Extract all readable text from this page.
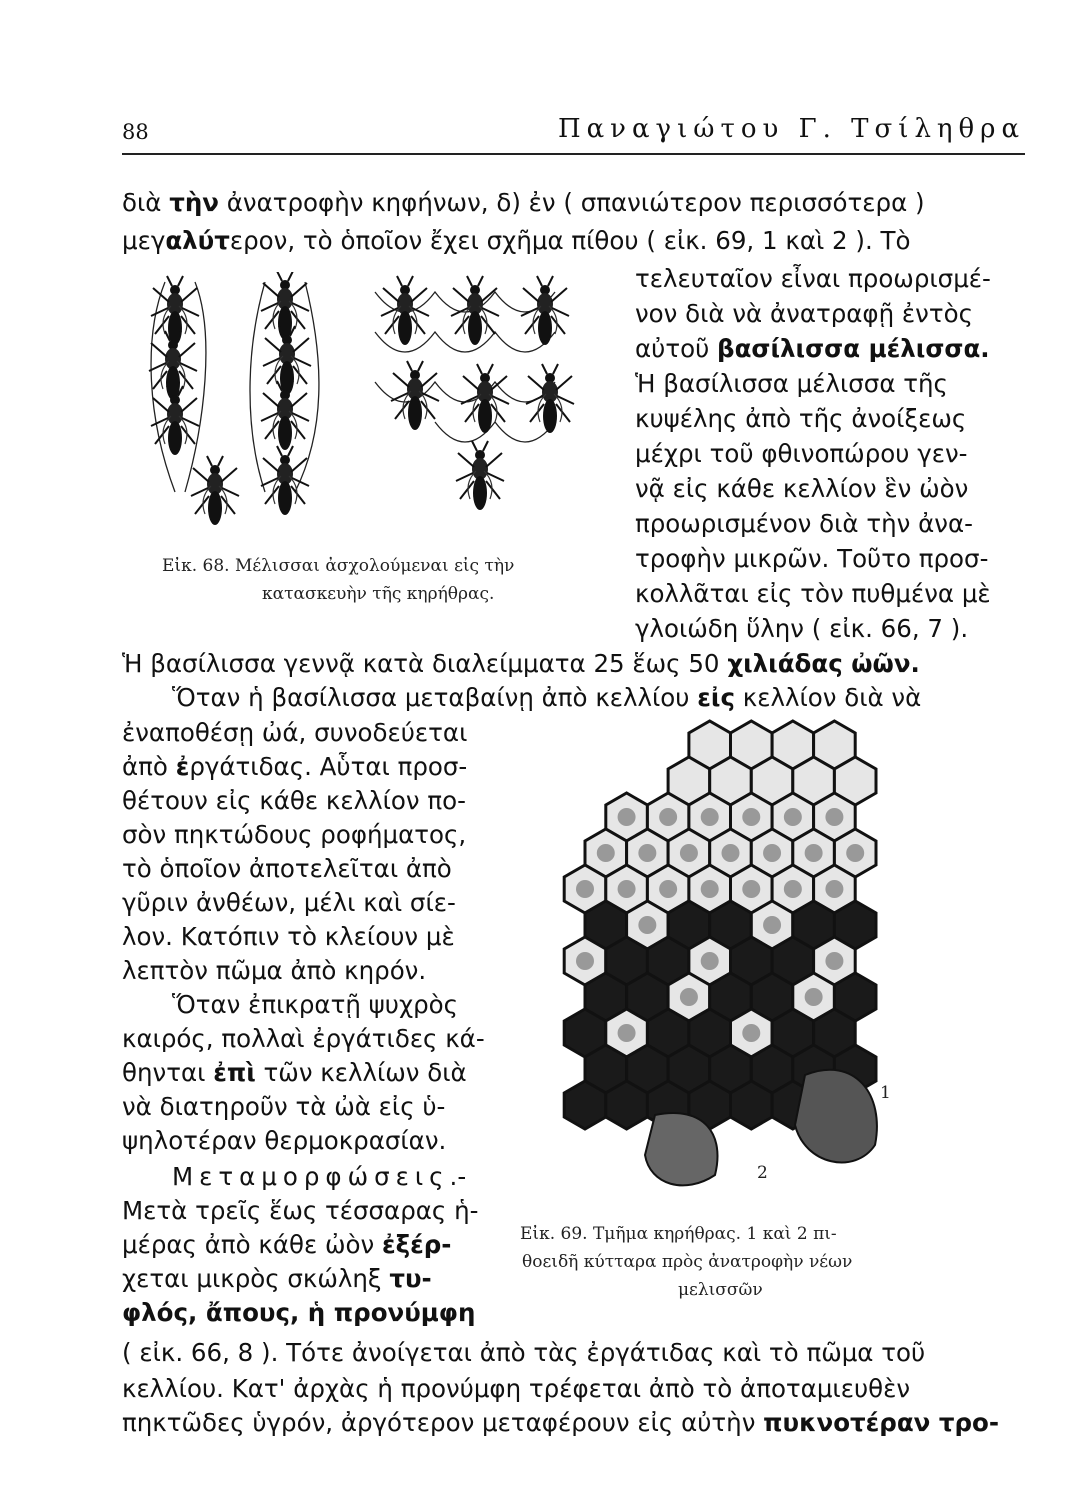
88	Παναγιώτου Γ. Τσίληθρα
διὰ τὴν ἀνατροφὴν κηφήνων, δ) ἐν ( σπανιώτερον περισσότερα )
μεγαλύτερον, τὸ ὁποῖον ἔχει σχῆμα πίθου ( εἰκ. 69, 1 καὶ 2 ). Τὸ
Εἰκ. 68. Μέλισσαι ἀσχολούμεναι εἰς τὴν
κατασκευὴν τῆς κηρήθρας.
τελευταῖον εἶναι προωρισμέ-
νον διὰ νὰ ἀνατραφῇ ἐντὸς
αὐτοῦ βασίλισσα μέλισσα.
Ἡ βασίλισσα μέλισσα τῆς
κυψέλης ἀπὸ τῆς ἀνοίξεως
μέχρι τοῦ φθινοπώρου γεν-
νᾷ εἰς κάθε κελλίον ἓν ὠὸν
προωρισμένον διὰ τὴν ἀνα-
τροφὴν μικρῶν. Τοῦτο προσ-
κολλᾶται εἰς τὸν πυθμένα μὲ
γλοιώδη ὕλην ( εἰκ. 66, 7 ).
Ἡ βασίλισσα γεννᾷ κατὰ διαλείμματα 25 ἕως 50 χιλιάδας ὠῶν.
Ὅταν ἡ βασίλισσα μεταβαίνῃ ἀπὸ κελλίου εἰς κελλίον διὰ νὰ
ἐναποθέσῃ ὠά, συνοδεύεται
ἀπὸ ἐργάτιδας. Αὗται προσ-
θέτουν εἰς κάθε κελλίον πο-
σὸν πηκτώδους ροφήματος,
τὸ ὁποῖον ἀποτελεῖται ἀπὸ
γῦριν ἀνθέων, μέλι καὶ σίε-
λον. Κατόπιν τὸ κλείουν μὲ
λεπτὸν πῶμα ἀπὸ κηρόν.
Ὅταν ἐπικρατῇ ψυχρὸς
καιρός, πολλαὶ ἐργάτιδες κά-
θηνται ἐπὶ τῶν κελλίων διὰ
νὰ διατηροῦν τὰ ὠὰ εἰς ὑ-
ψηλοτέραν θερμοκρασίαν.
Μεταμορφώσεις.-
Μετὰ τρεῖς ἕως τέσσαρας ἡ-
μέρας ἀπὸ κάθε ὠὸν ἐξέρ-
χεται μικρὸς σκώληξ τυ-
φλός, ἄπους, ἡ προνύμφη
1
2
Εἰκ. 69. Τμῆμα κηρήθρας. 1 καὶ 2 πι-
θοειδῆ κύτταρα πρὸς ἀνατροφὴν νέων
μελισσῶν
( εἰκ. 66, 8 ). Τότε ἀνοίγεται ἀπὸ τὰς ἐργάτιδας καὶ τὸ πῶμα τοῦ
κελλίου. Κατ' ἀρχὰς ἡ προνύμφη τρέφεται ἀπὸ τὸ ἀποταμιευθὲν
πηκτῶδες ὑγρόν, ἀργότερον μεταφέρουν εἰς αὐτὴν πυκνοτέραν τρο-
